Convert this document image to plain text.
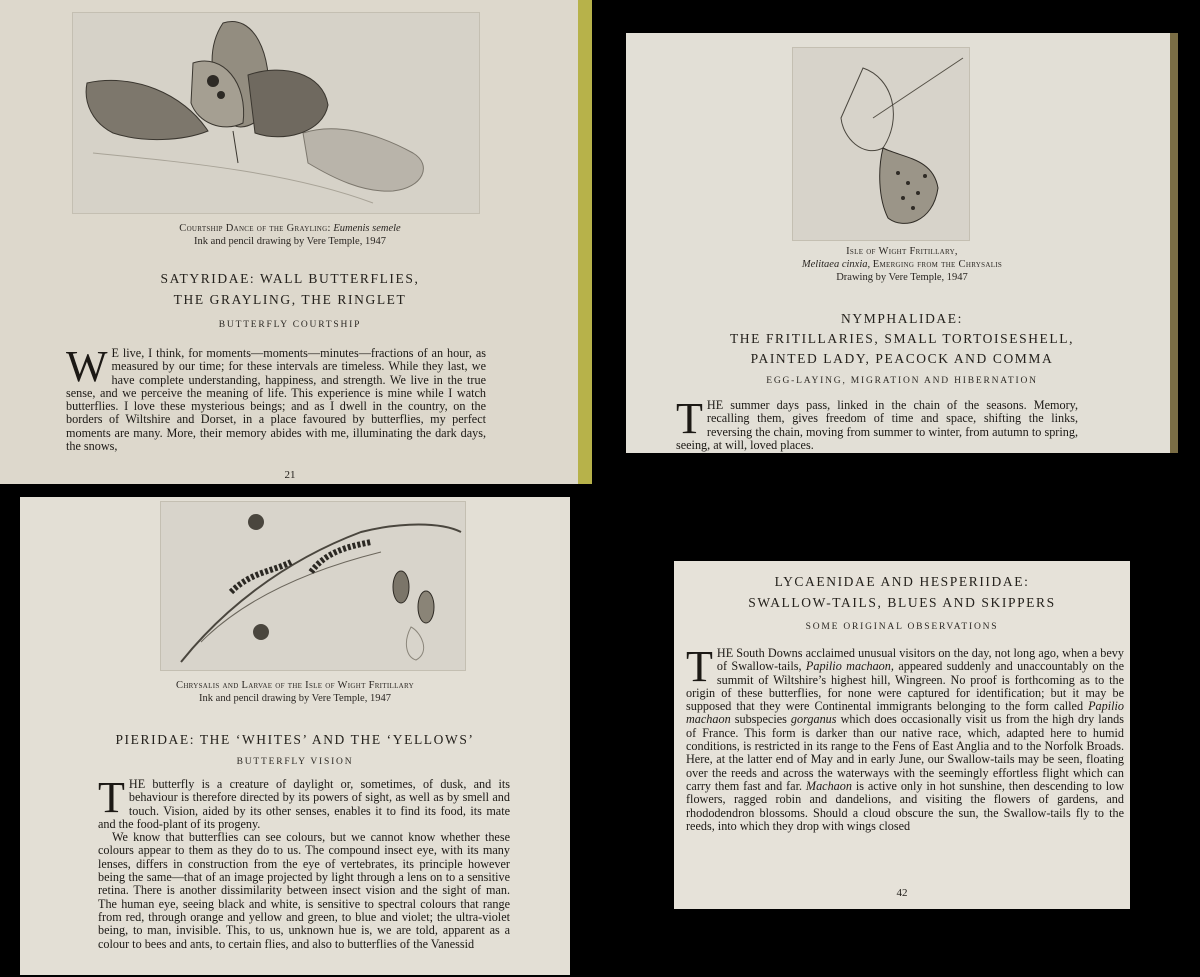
Courtship Dance of the Grayling: Eumenis semele
Ink and pencil drawing by Vere Temple, 1947
SATYRIDAE: WALL BUTTERFLIES,
THE GRAYLING, THE RINGLET
BUTTERFLY COURTSHIP

W E live, I think, for moments—moments—minutes—fractions of an hour, as measured by our time; for these intervals are timeless. While they last, we have complete understanding, happiness, and strength. We live in the true sense, and we perceive the meaning of life. This experience is mine while I watch butterflies. I love these mysterious beings; and as I dwell in the country, on the borders of Wiltshire and Dorset, in a place favoured by butterflies, my perfect moments are many. More, their memory abides with me, illuminating the dark days, the snows,

21
Isle of Wight Fritillary,
Melitaea cinxia, Emerging from the Chrysalis
Drawing by Vere Temple, 1947
NYMPHALIDAE:
THE FRITILLARIES, SMALL TORTOISESHELL,
PAINTED LADY, PEACOCK AND COMMA
EGG-LAYING, MIGRATION AND HIBERNATION

THE summer days pass, linked in the chain of the seasons. Memory, recalling them, gives freedom of time and space, shifting the links, reversing the chain, moving from summer to winter, from autumn to spring, seeing, at will, loved places.

Chrysalis and Larvae of the Isle of Wight Fritillary
Ink and pencil drawing by Vere Temple, 1947
PIERIDAE: THE ‘WHITES’ AND THE ‘YELLOWS’
BUTTERFLY VISION

THE butterfly is a creature of daylight or, sometimes, of dusk, and its behaviour is therefore directed by its powers of sight, as well as by smell and touch. Vision, aided by its other senses, enables it to find its food, its mate and the food-plant of its progeny.

We know that butterflies can see colours, but we cannot know whether these colours appear to them as they do to us. The compound insect eye, with its many lenses, differs in construction from the eye of vertebrates, its principle however being the same—that of an image projected by light through a lens on to a sensitive retina. There is another dissimilarity between insect vision and the sight of man. The human eye, seeing black and white, is sensitive to spectral colours that range from red, through orange and yellow and green, to blue and violet; the ultra-violet being, to man, invisible. This, to us, unknown hue is, we are told, apparent as a colour to bees and ants, to certain flies, and also to butterflies of the Vanessid

LYCAENIDAE AND HESPERIIDAE:
SWALLOW-TAILS, BLUES AND SKIPPERS
SOME ORIGINAL OBSERVATIONS

THE South Downs acclaimed unusual visitors on the day, not long ago, when a bevy of Swallow-tails, Papilio machaon, appeared suddenly and unaccountably on the summit of Wiltshire’s highest hill, Wingreen. No proof is forthcoming as to the origin of these butterflies, for none were captured for identification; but it may be supposed that they were Continental immigrants belonging to the form called Papilio machaon subspecies gorganus which does occasionally visit us from the high dry lands of France. This form is darker than our native race, which, adapted here to humid conditions, is restricted in its range to the Fens of East Anglia and to the Norfolk Broads. Here, at the latter end of May and in early June, our Swallow-tails may be seen, floating over the reeds and across the waterways with the seemingly effortless flight which can carry them fast and far. Machaon is active only in hot sunshine, then descending to low flowers, ragged robin and dandelions, and visiting the flowers of gardens, and rhododendron blossoms. Should a cloud obscure the sun, the Swallow-tails fly to the reeds, into which they drop with wings closed

42
